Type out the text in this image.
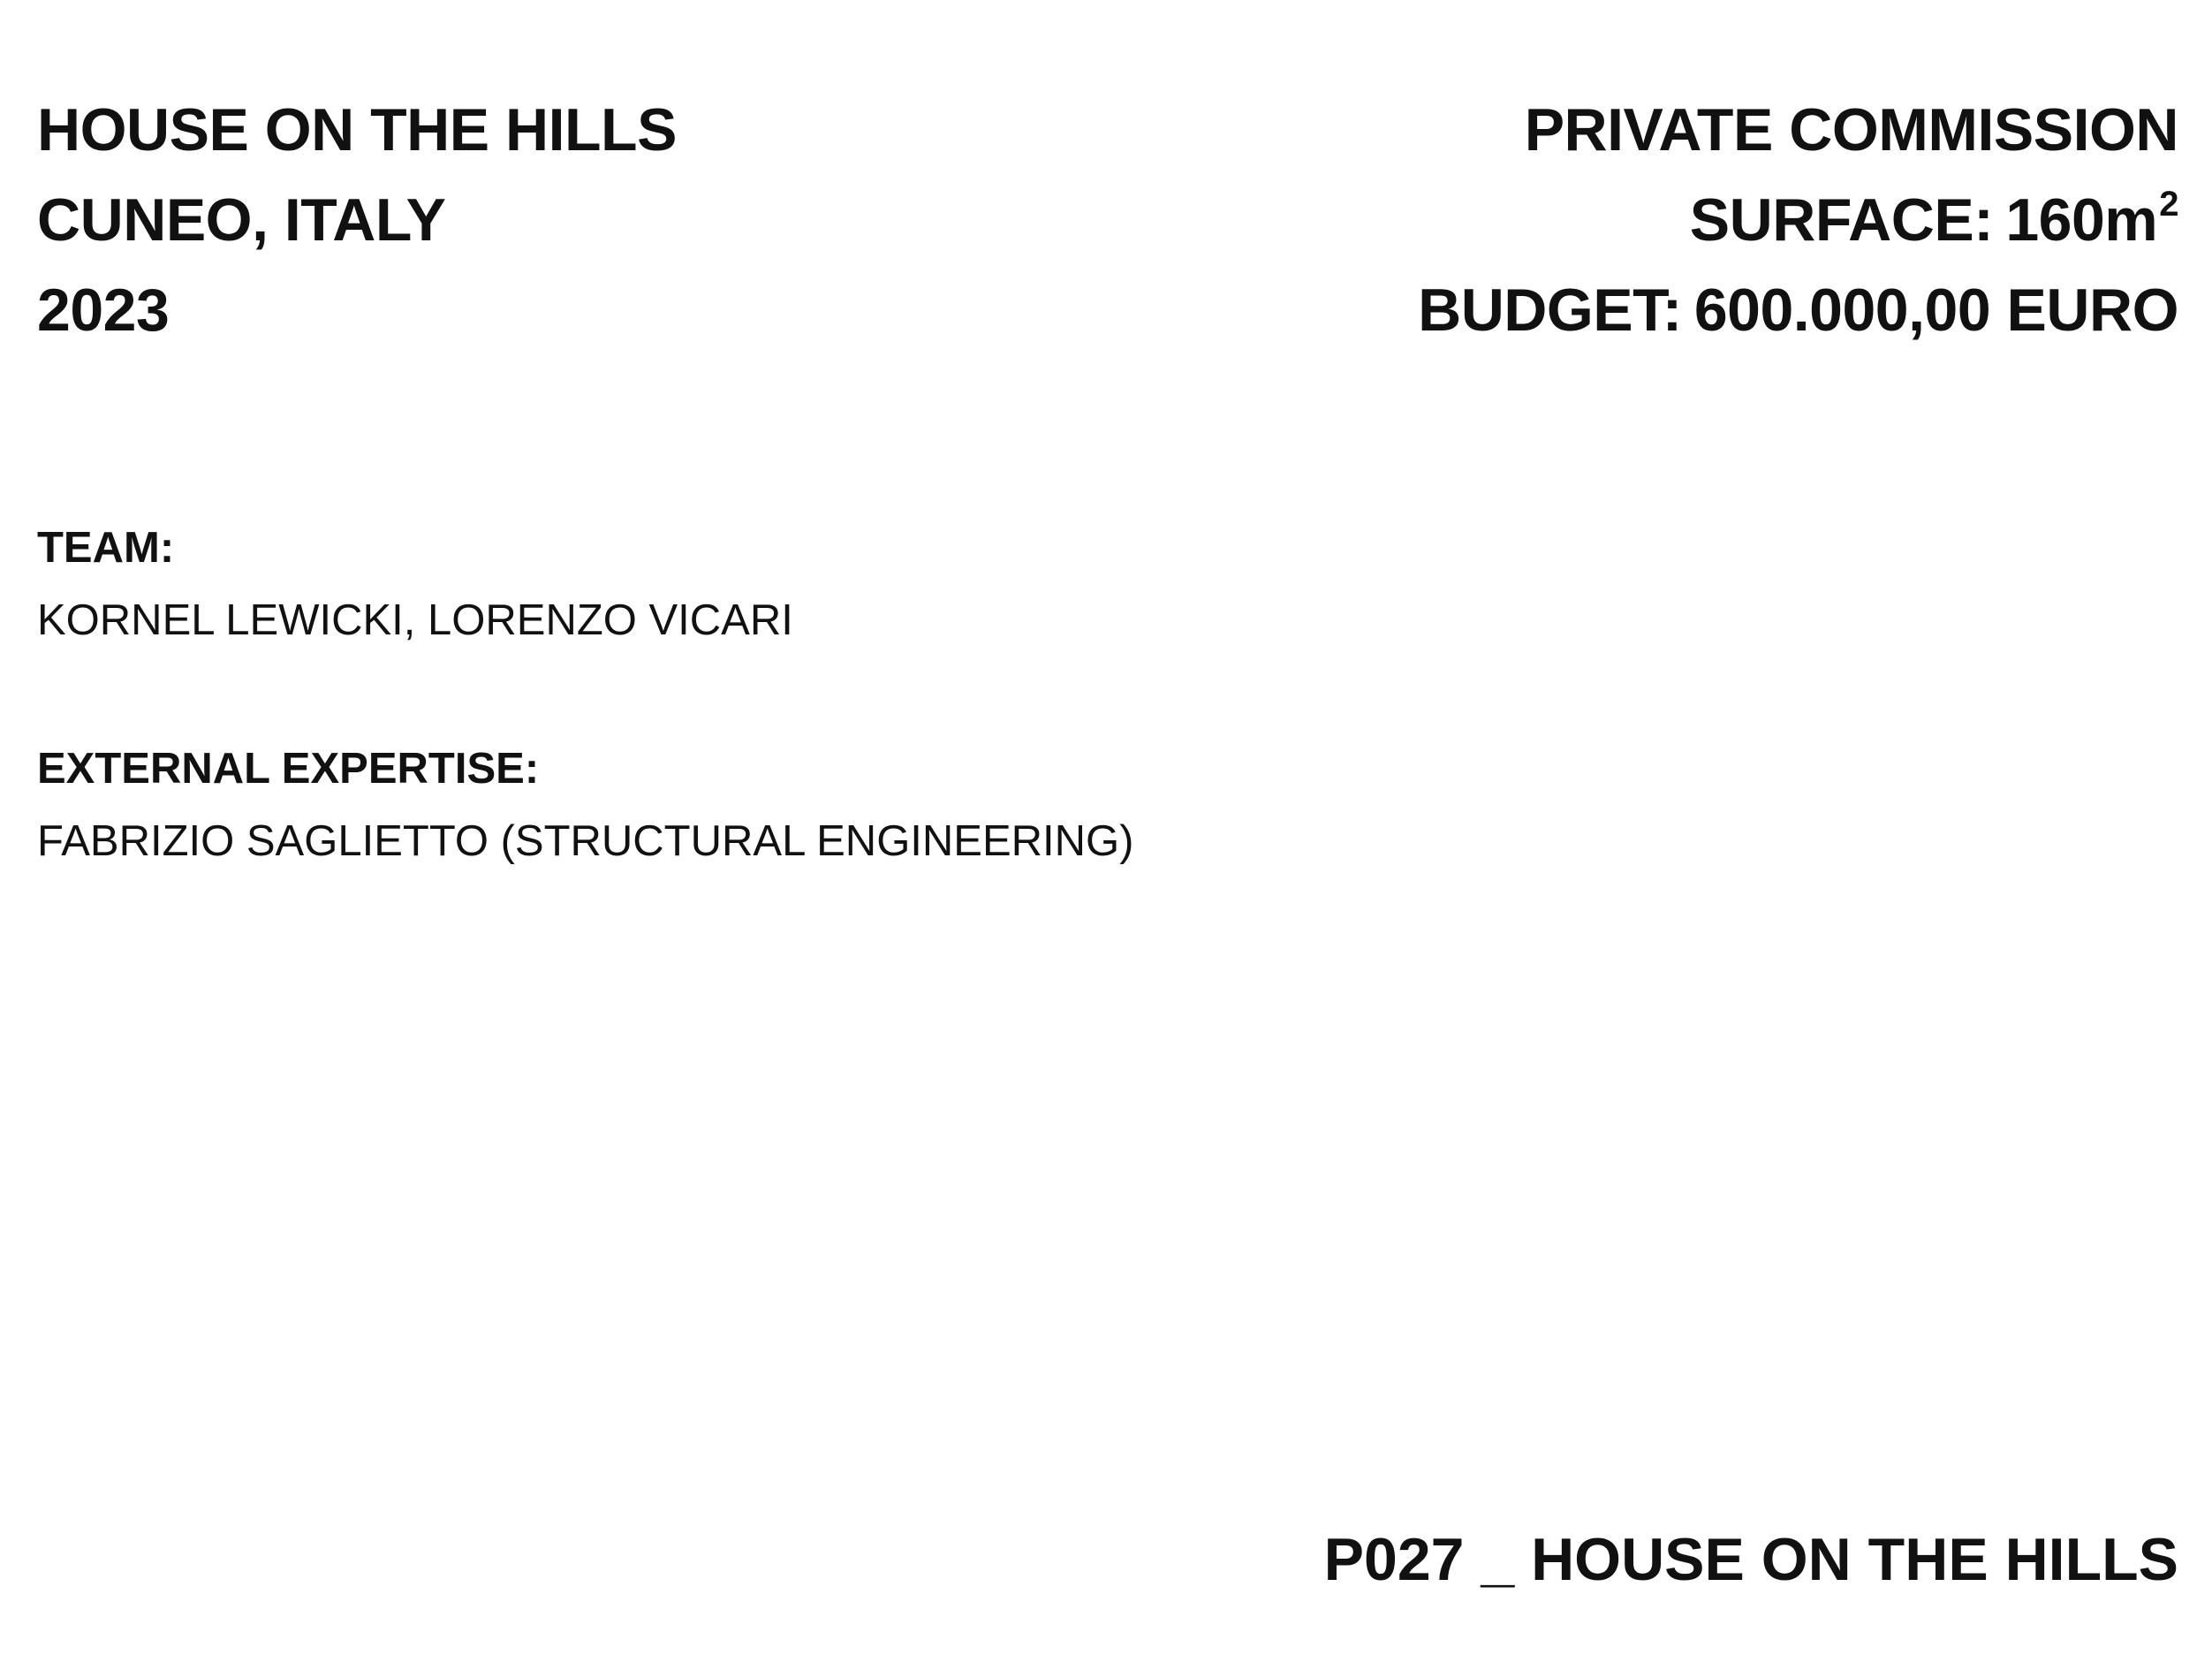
HOUSE ON THE HILLS
CUNEO, ITALY
2023
PRIVATE COMMISSION
SURFACE: $160m^2$
BUDGET: 600.000,00 EURO
TEAM:
KORNEL LEWICKI, LORENZO VICARI
EXTERNAL EXPERTISE:
FABRIZIO SAGLIETTO (STRUCTURAL ENGINEERING)
P027 _ HOUSE ON THE HILLS
